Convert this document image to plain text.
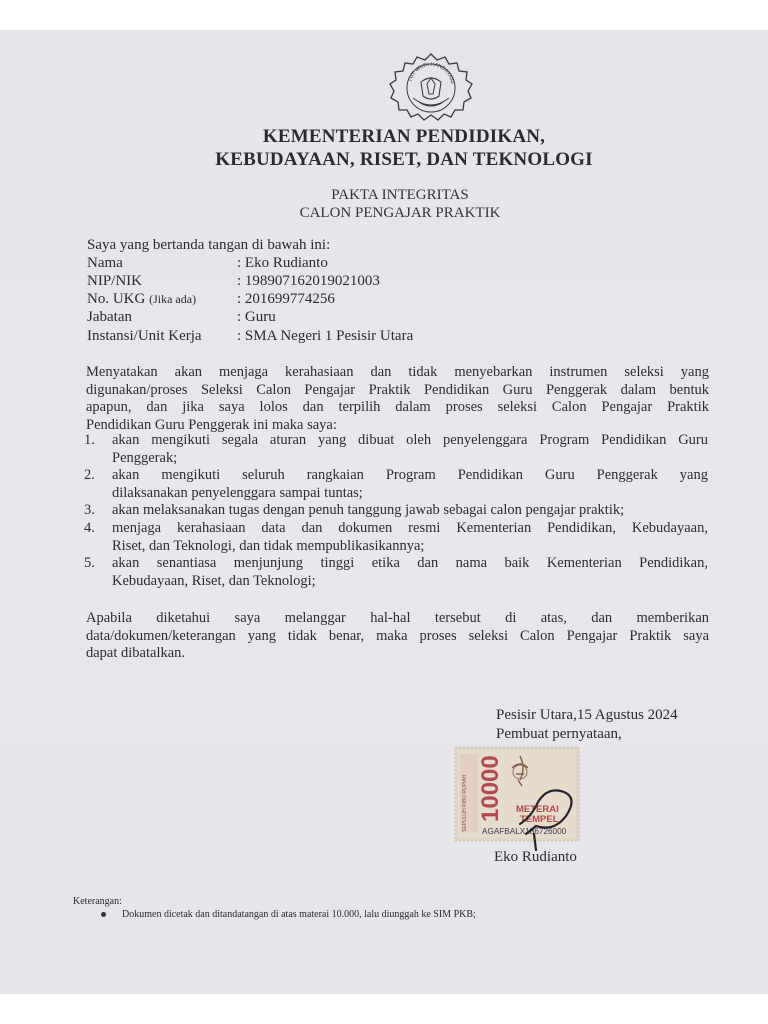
TUT WURI HANDAYANI
KEMENTERIAN PENDIDIKAN,
KEBUDAYAAN, RISET, DAN TEKNOLOGI
PAKTA INTEGRITAS
CALON PENGAJAR PRAKTIK
Saya yang bertanda tangan di bawah ini:
Nama	: Eko Rudianto
NIP/NIK	: 198907162019021003
No. UKG (Jika ada)	: 201699774256
Jabatan	: Guru
Instansi/Unit Kerja : SMA Negeri 1 Pesisir Utara
Menyatakan akan menjaga kerahasiaan dan tidak menyebarkan instrumen seleksi yang
digunakan/proses Seleksi Calon Pengajar Praktik Pendidikan Guru Penggerak dalam bentuk
apapun, dan jika saya lolos dan terpilih dalam proses seleksi Calon Pengajar Praktik
Pendidikan Guru Penggerak ini maka saya:
1. akan mengikuti segala aturan yang dibuat oleh penyelenggara Program Pendidikan Guru
Penggerak;
2. akan mengikuti seluruh rangkaian Program Pendidikan Guru Penggerak yang
dilaksanakan penyelenggara sampai tuntas;
3. akan melaksanakan tugas dengan penuh tanggung jawab sebagai calon pengajar praktik;
4. menjaga kerahasiaan data dan dokumen resmi Kementerian Pendidikan, Kebudayaan,
Riset, dan Teknologi, dan tidak mempublikasikannya;
5. akan senantiasa menjunjung tinggi etika dan nama baik Kementerian Pendidikan,
Kebudayaan, Riset, dan Teknologi;
Apabila diketahui saya melanggar hal-hal tersebut di atas, dan memberikan
data/dokumen/keterangan yang tidak benar, maka proses seleksi Calon Pengajar Praktik saya
dapat dibatalkan.
Pesisir Utara,15 Agustus 2024
Pembuat pernyataan,
SEPULUH RIBU RUPIAH 10000 METERAI
TEMPEL
AGAFBALX186726000
Eko Rudianto
Keterangan:
Dokumen dicetak dan ditandatangan di atas materai 10.000, lalu diunggah ke SIM PKB;
